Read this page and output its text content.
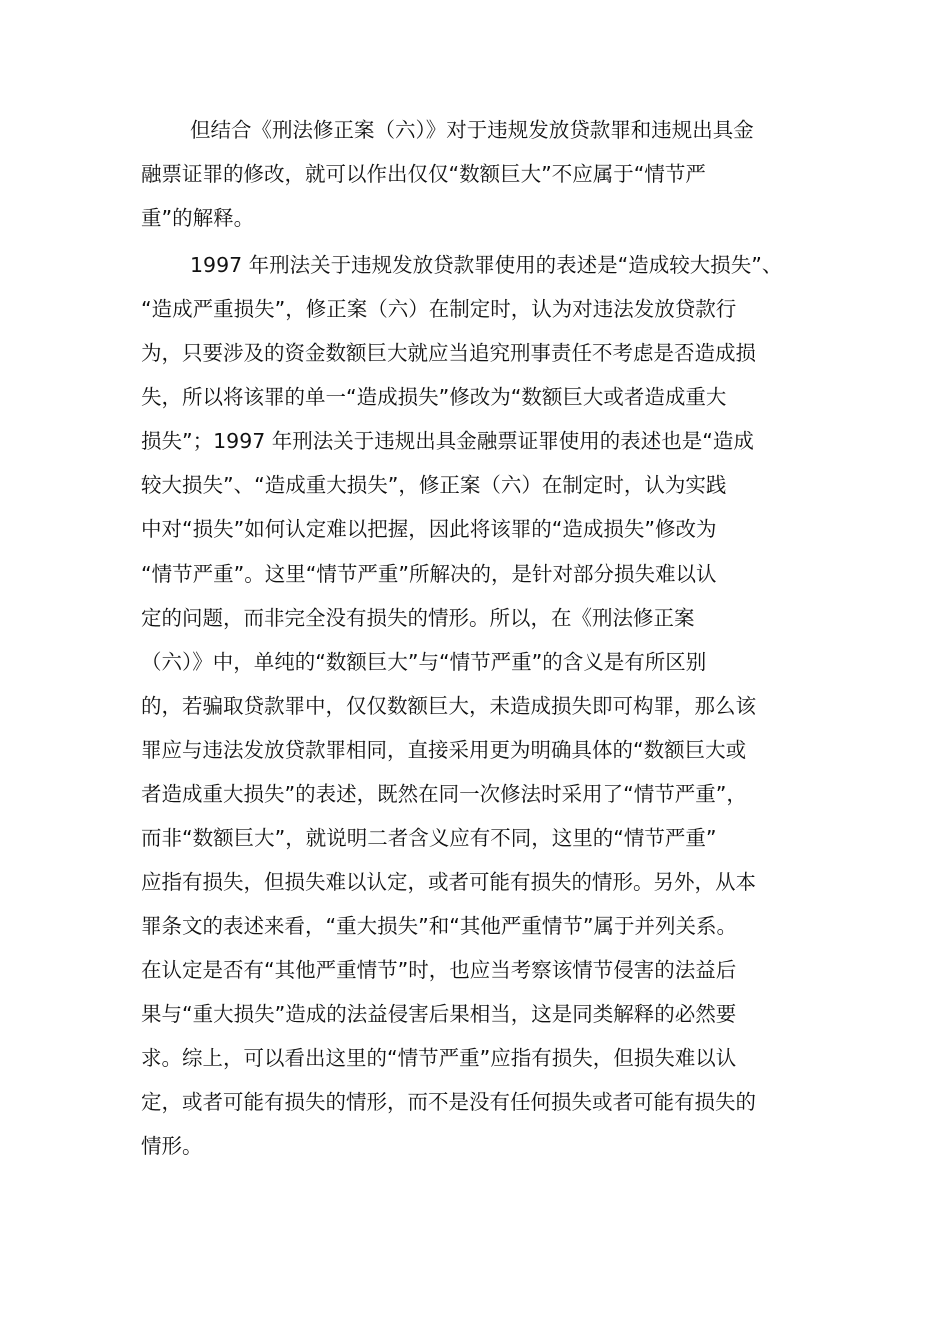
但结合《刑法修正案（六）》对于违规发放贷款罪和违规出具金
融票证罪的修改，就可以作出仅仅“数额巨大”不应属于“情节严
重”的解释。
1997 年刑法关于违规发放贷款罪使用的表述是“造成较大损失”、
“造成严重损失”，修正案（六）在制定时，认为对违法发放贷款行
为，只要涉及的资金数额巨大就应当追究刑事责任不考虑是否造成损
失，所以将该罪的单一“造成损失”修改为“数额巨大或者造成重大
损失”；1997 年刑法关于违规出具金融票证罪使用的表述也是“造成
较大损失”、“造成重大损失”，修正案（六）在制定时，认为实践
中对“损失”如何认定难以把握，因此将该罪的“造成损失”修改为
“情节严重”。这里“情节严重”所解决的，是针对部分损失难以认
定的问题，而非完全没有损失的情形。所以，在《刑法修正案
（六）》中，单纯的“数额巨大”与“情节严重”的含义是有所区别
的，若骗取贷款罪中，仅仅数额巨大，未造成损失即可构罪，那么该
罪应与违法发放贷款罪相同，直接采用更为明确具体的“数额巨大或
者造成重大损失”的表述，既然在同一次修法时采用了“情节严重”，
而非“数额巨大”，就说明二者含义应有不同，这里的“情节严重”
应指有损失，但损失难以认定，或者可能有损失的情形。另外，从本
罪条文的表述来看，“重大损失”和“其他严重情节”属于并列关系。
在认定是否有“其他严重情节”时，也应当考察该情节侵害的法益后
果与“重大损失”造成的法益侵害后果相当，这是同类解释的必然要
求。综上，可以看出这里的“情节严重”应指有损失，但损失难以认
定，或者可能有损失的情形，而不是没有任何损失或者可能有损失的
情形。
